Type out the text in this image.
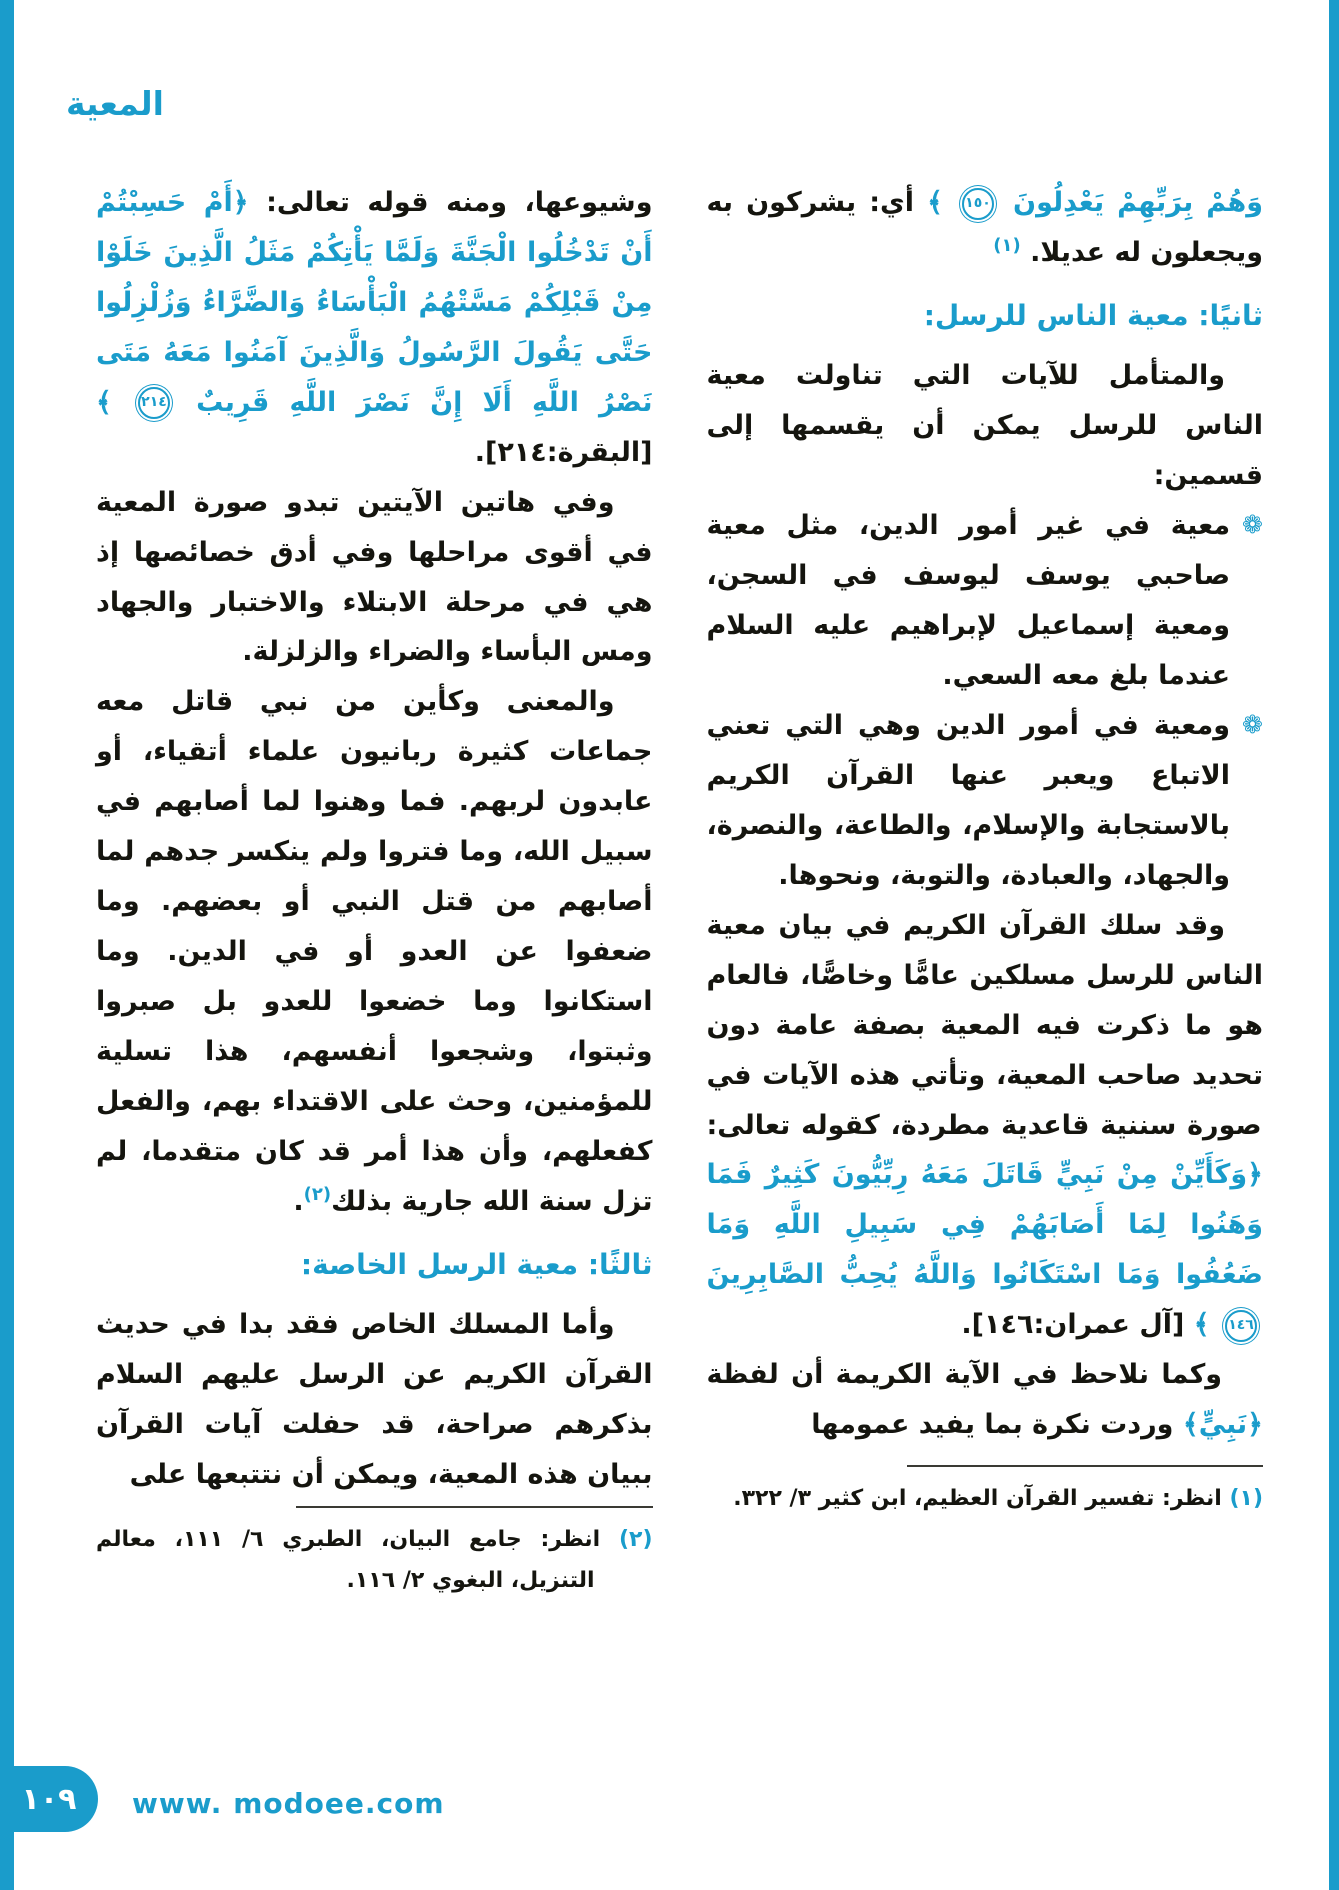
المعية

وَهُمْ بِرَبِّهِمْ يَعْدِلُونَ ١٥٠ ﴾ أي: يشركون به ويجعلون له عديلا. $^{(١)}$

ثانيًا: معية الناس للرسل:

والمتأمل للآيات التي تناولت معية الناس للرسل يمكن أن يقسمها إلى قسمين:

❁
معية في غير أمور الدين، مثل معية صاحبي يوسف ليوسف في السجن، ومعية إسماعيل لإبراهيم عليه السلام عندما بلغ معه السعي.
❁
ومعية في أمور الدين وهي التي تعني الاتباع ويعبر عنها القرآن الكريم بالاستجابة والإسلام، والطاعة، والنصرة، والجهاد، والعبادة، والتوبة، ونحوها.

وقد سلك القرآن الكريم في بيان معية الناس للرسل مسلكين عامًّا وخاصًّا، فالعام هو ما ذكرت فيه المعية بصفة عامة دون تحديد صاحب المعية، وتأتي هذه الآيات في صورة سننية قاعدية مطردة، كقوله تعالى: ﴿وَكَأَيِّنْ مِنْ نَبِيٍّ قَاتَلَ مَعَهُ رِبِّيُّونَ كَثِيرٌ فَمَا وَهَنُوا لِمَا أَصَابَهُمْ فِي سَبِيلِ اللَّهِ وَمَا ضَعُفُوا وَمَا اسْتَكَانُوا وَاللَّهُ يُحِبُّ الصَّابِرِينَ ١٤٦ ﴾ [آل عمران:١٤٦].

وكما نلاحظ في الآية الكريمة أن لفظة ﴿نَبِيٍّ﴾ وردت نكرة بما يفيد عمومها

(١) انظر: تفسير القرآن العظيم، ابن كثير ٣/ ٣٢٢.

وشيوعها، ومنه قوله تعالى: ﴿أَمْ حَسِبْتُمْ أَنْ تَدْخُلُوا الْجَنَّةَ وَلَمَّا يَأْتِكُمْ مَثَلُ الَّذِينَ خَلَوْا مِنْ قَبْلِكُمْ مَسَّتْهُمُ الْبَأْسَاءُ وَالضَّرَّاءُ وَزُلْزِلُوا حَتَّى يَقُولَ الرَّسُولُ وَالَّذِينَ آمَنُوا مَعَهُ مَتَى نَصْرُ اللَّهِ أَلَا إِنَّ نَصْرَ اللَّهِ قَرِيبٌ ٢١٤ ﴾ [البقرة:٢١٤].

وفي هاتين الآيتين تبدو صورة المعية في أقوى مراحلها وفي أدق خصائصها إذ هي في مرحلة الابتلاء والاختبار والجهاد ومس البأساء والضراء والزلزلة.

والمعنى وكأين من نبي قاتل معه جماعات كثيرة ربانيون علماء أتقياء، أو عابدون لربهم. فما وهنوا لما أصابهم في سبيل الله، وما فتروا ولم ينكسر جدهم لما أصابهم من قتل النبي أو بعضهم. وما ضعفوا عن العدو أو في الدين. وما استكانوا وما خضعوا للعدو بل صبروا وثبتوا، وشجعوا أنفسهم، هذا تسلية للمؤمنين، وحث على الاقتداء بهم، والفعل كفعلهم، وأن هذا أمر قد كان متقدما، لم تزل سنة الله جارية بذلك$^{(٢)}$.

ثالثًا: معية الرسل الخاصة:

وأما المسلك الخاص فقد بدا في حديث القرآن الكريم عن الرسل عليهم السلام بذكرهم صراحة، قد حفلت آيات القرآن ببيان هذه المعية، ويمكن أن نتتبعها على

(٢) انظر: جامع البيان، الطبري ٦/ ١١١، معالم التنزيل، البغوي ٢/ ١١٦.

١٠٩ www. modoee.com
